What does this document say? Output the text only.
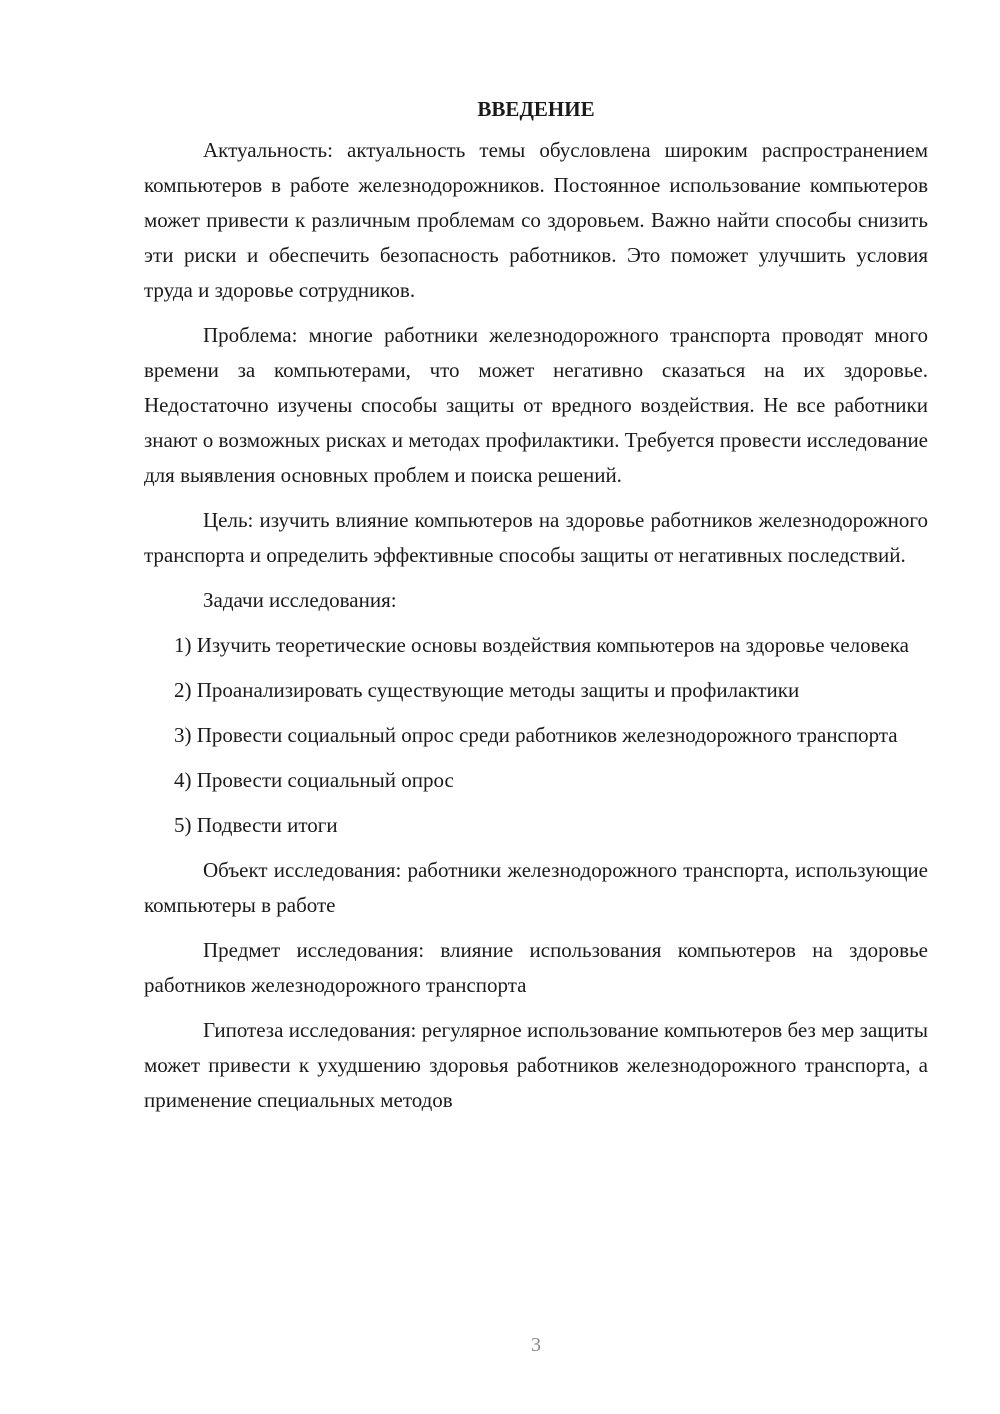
ВВЕДЕНИЕ

Актуальность: актуальность темы обусловлена широким распространением компьютеров в работе железнодорожников. Постоянное использование компьютеров может привести к различным проблемам со здоровьем. Важно найти способы снизить эти риски и обеспечить безопасность работников. Это поможет улучшить условия труда и здоровье сотрудников.

Проблема: многие работники железнодорожного транспорта проводят много времени за компьютерами, что может негативно сказаться на их здоровье. Недостаточно изучены способы защиты от вредного воздействия. Не все работники знают о возможных рисках и методах профилактики. Требуется провести исследование для выявления основных проблем и поиска решений.

Цель: изучить влияние компьютеров на здоровье работников железнодорожного транспорта и определить эффективные способы защиты от негативных последствий.

Задачи исследования:

1) Изучить теоретические основы воздействия компьютеров на здоровье человека

2) Проанализировать существующие методы защиты и профилактики

3) Провести социальный опрос среди работников железнодорожного транспорта

4) Провести социальный опрос

5) Подвести итоги

Объект исследования: работники железнодорожного транспорта, использующие компьютеры в работе

Предмет исследования: влияние использования компьютеров на здоровье работников железнодорожного транспорта

Гипотеза исследования: регулярное использование компьютеров без мер защиты может привести к ухудшению здоровья работников железнодорожного транспорта, а применение специальных методов

3
